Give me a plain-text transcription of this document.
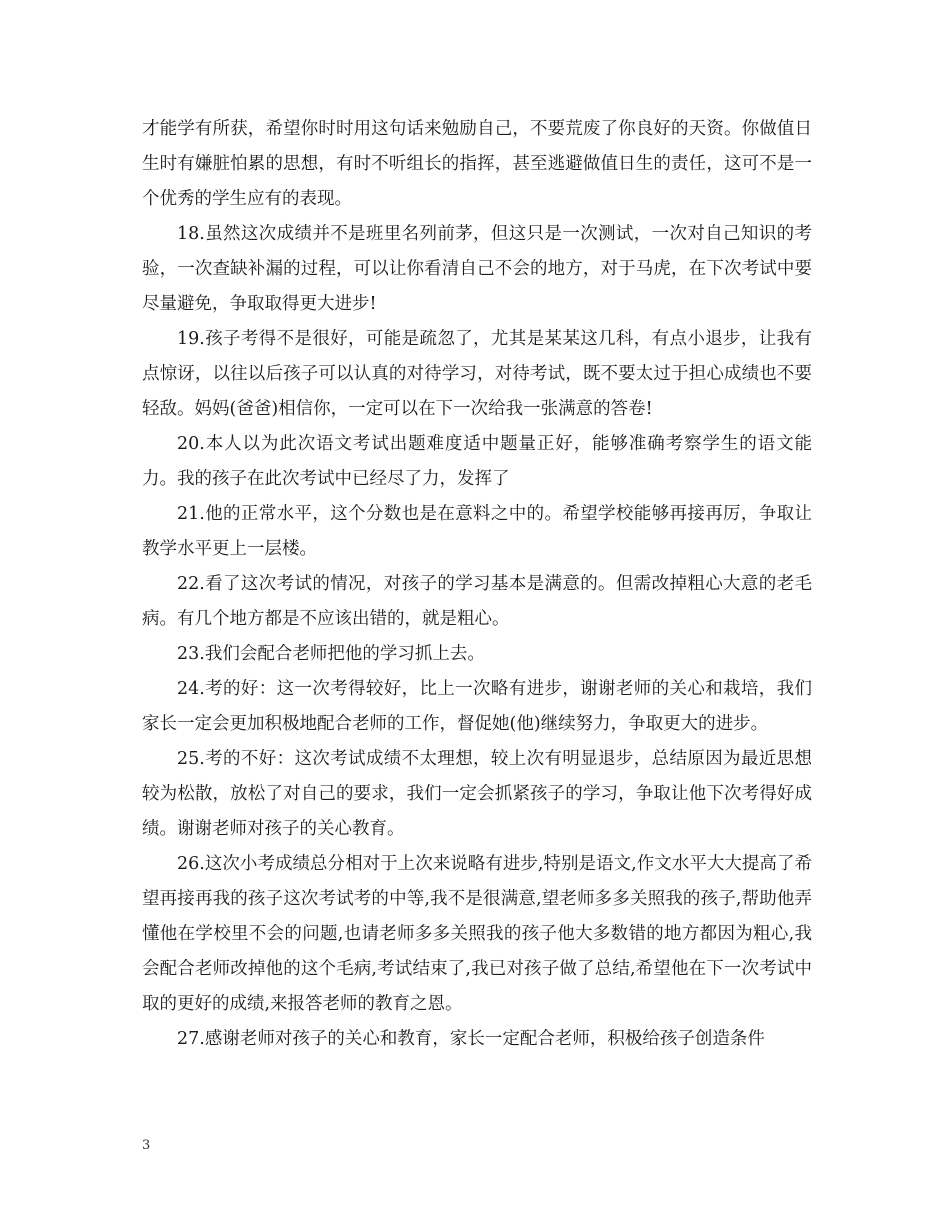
才能学有所获，希望你时时用这句话来勉励自己，不要荒废了你良好的天资。你做值日生时有嫌脏怕累的思想，有时不听组长的指挥，甚至逃避做值日生的责任，这可不是一个优秀的学生应有的表现。

18.虽然这次成绩并不是班里名列前茅，但这只是一次测试，一次对自己知识的考验，一次查缺补漏的过程，可以让你看清自己不会的地方，对于马虎，在下次考试中要尽量避免，争取取得更大进步!

19.孩子考得不是很好，可能是疏忽了，尤其是某某这几科，有点小退步，让我有点惊讶，以往以后孩子可以认真的对待学习，对待考试，既不要太过于担心成绩也不要轻敌。妈妈(爸爸)相信你，一定可以在下一次给我一张满意的答卷!

20.本人以为此次语文考试出题难度适中题量正好，能够准确考察学生的语文能力。我的孩子在此次考试中已经尽了力，发挥了

21.他的正常水平，这个分数也是在意料之中的。希望学校能够再接再厉，争取让教学水平更上一层楼。

22.看了这次考试的情况，对孩子的学习基本是满意的。但需改掉粗心大意的老毛病。有几个地方都是不应该出错的，就是粗心。

23.我们会配合老师把他的学习抓上去。

24.考的好：这一次考得较好，比上一次略有进步，谢谢老师的关心和栽培，我们家长一定会更加积极地配合老师的工作，督促她(他)继续努力，争取更大的进步。

25.考的不好：这次考试成绩不太理想，较上次有明显退步，总结原因为最近思想较为松散，放松了对自己的要求，我们一定会抓紧孩子的学习，争取让他下次考得好成绩。谢谢老师对孩子的关心教育。

26.这次小考成绩总分相对于上次来说略有进步,特别是语文,作文水平大大提高了希望再接再我的孩子这次考试考的中等,我不是很满意,望老师多多关照我的孩子,帮助他弄懂他在学校里不会的问题,也请老师多多关照我的孩子他大多数错的地方都因为粗心,我会配合老师改掉他的这个毛病,考试结束了,我已对孩子做了总结,希望他在下一次考试中取的更好的成绩,来报答老师的教育之恩。

27.感谢老师对孩子的关心和教育，家长一定配合老师，积极给孩子创造条件

3
